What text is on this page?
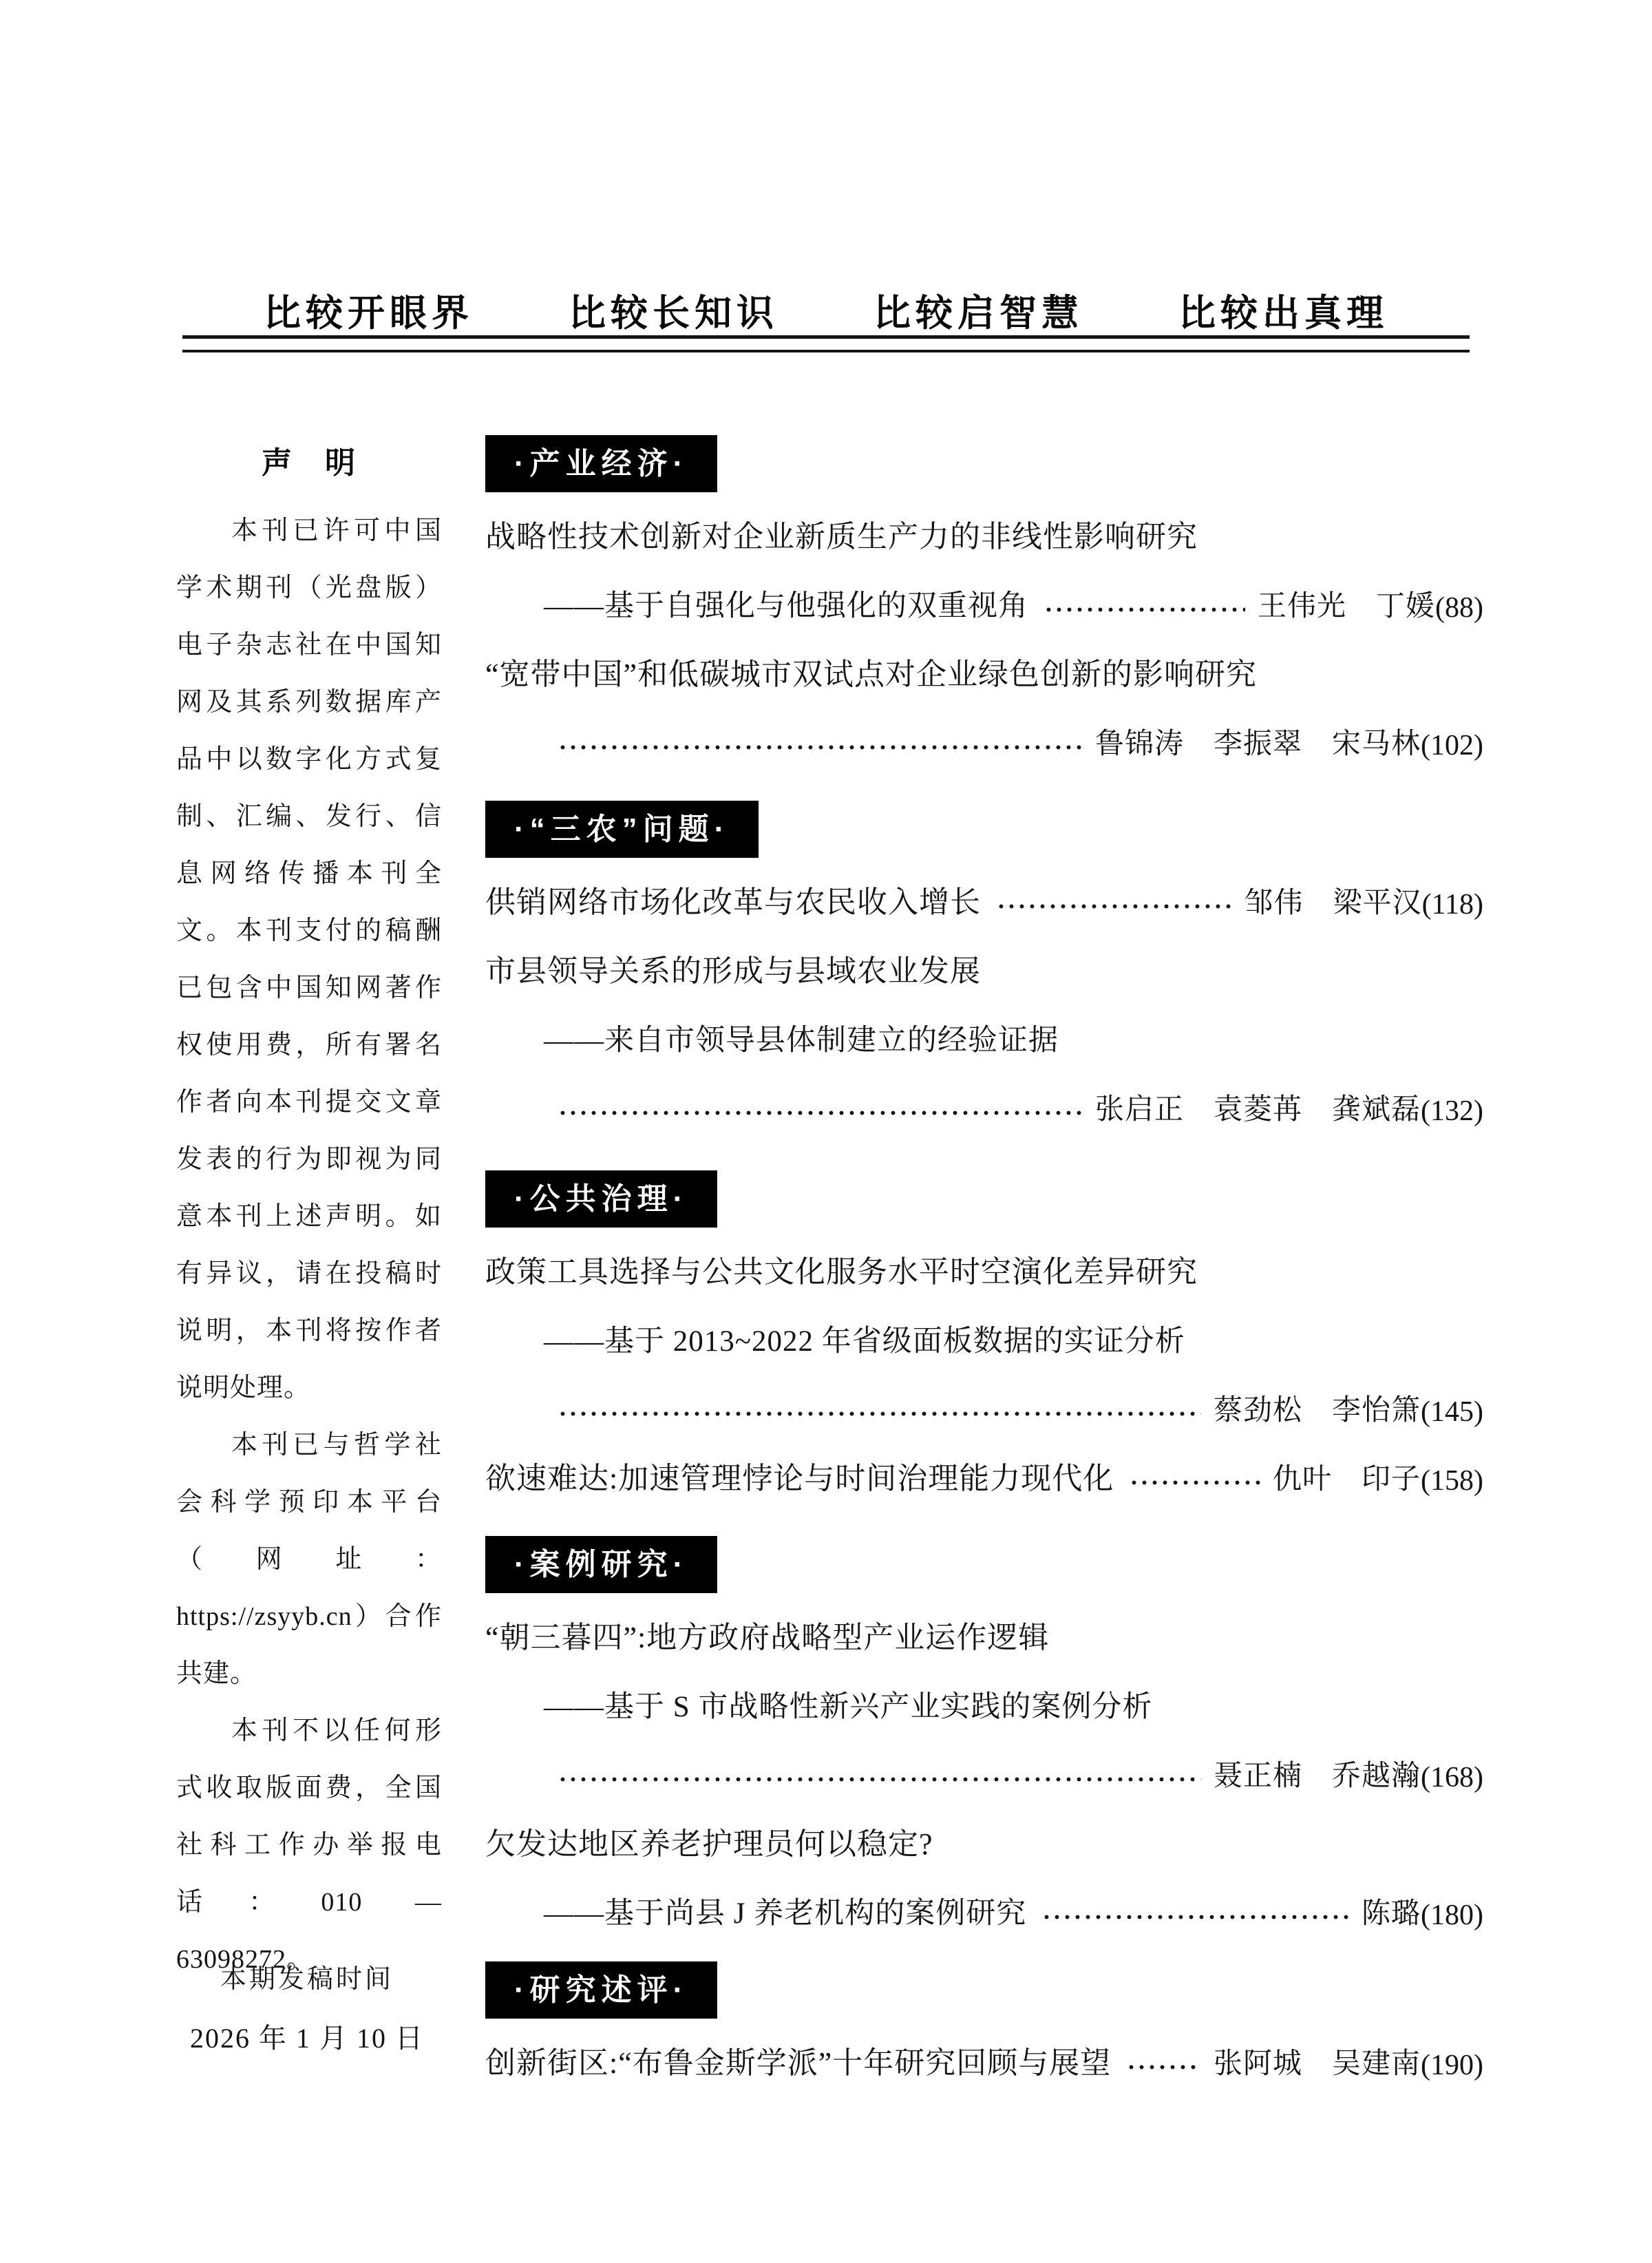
比较开眼界	比较长知识	比较启智慧	比较出真理
声　明

本刊已许可中国学术期刊（光盘版）电子杂志社在中国知网及其系列数据库产品中以数字化方式复制、汇编、发行、信息网络传播本刊全文。本刊支付的稿酬已包含中国知网著作权使用费，所有署名作者向本刊提交文章发表的行为即视为同意本刊上述声明。如有异议，请在投稿时说明，本刊将按作者说明处理。

本刊已与哲学社会科学预印本平台（网址：https://zsyyb.cn）合作共建。

本刊不以任何形式收取版面费，全国社科工作办举报电话：010 — 63098272。

本期发稿时间
2026 年 1 月 10 日
·产业经济·
战略性技术创新对企业新质生产力的非线性影响研究
——基于自强化与他强化的双重视角	王伟光　丁媛 (88)
“宽带中国”和低碳城市双试点对企业绿色创新的影响研究
鲁锦涛　李振翠　宋马林 (102)
·“三农”问题·
供销网络市场化改革与农民收入增长	邹伟　梁平汉 (118)
市县领导关系的形成与县域农业发展
——来自市领导县体制建立的经验证据
张启正　袁菱苒　龚斌磊 (132)
·公共治理·
政策工具选择与公共文化服务水平时空演化差异研究
——基于 2013~2022 年省级面板数据的实证分析
蔡劲松　李怡箫 (145)
欲速难达:加速管理悖论与时间治理能力现代化	仇叶　印子 (158)
·案例研究·
“朝三暮四”:地方政府战略型产业运作逻辑
——基于 S 市战略性新兴产业实践的案例分析
聂正楠　乔越瀚 (168)
欠发达地区养老护理员何以稳定?
——基于尚县 J 养老机构的案例研究	陈璐 (180)
·研究述评·
创新街区:“布鲁金斯学派”十年研究回顾与展望	张阿城　吴建南 (190)
